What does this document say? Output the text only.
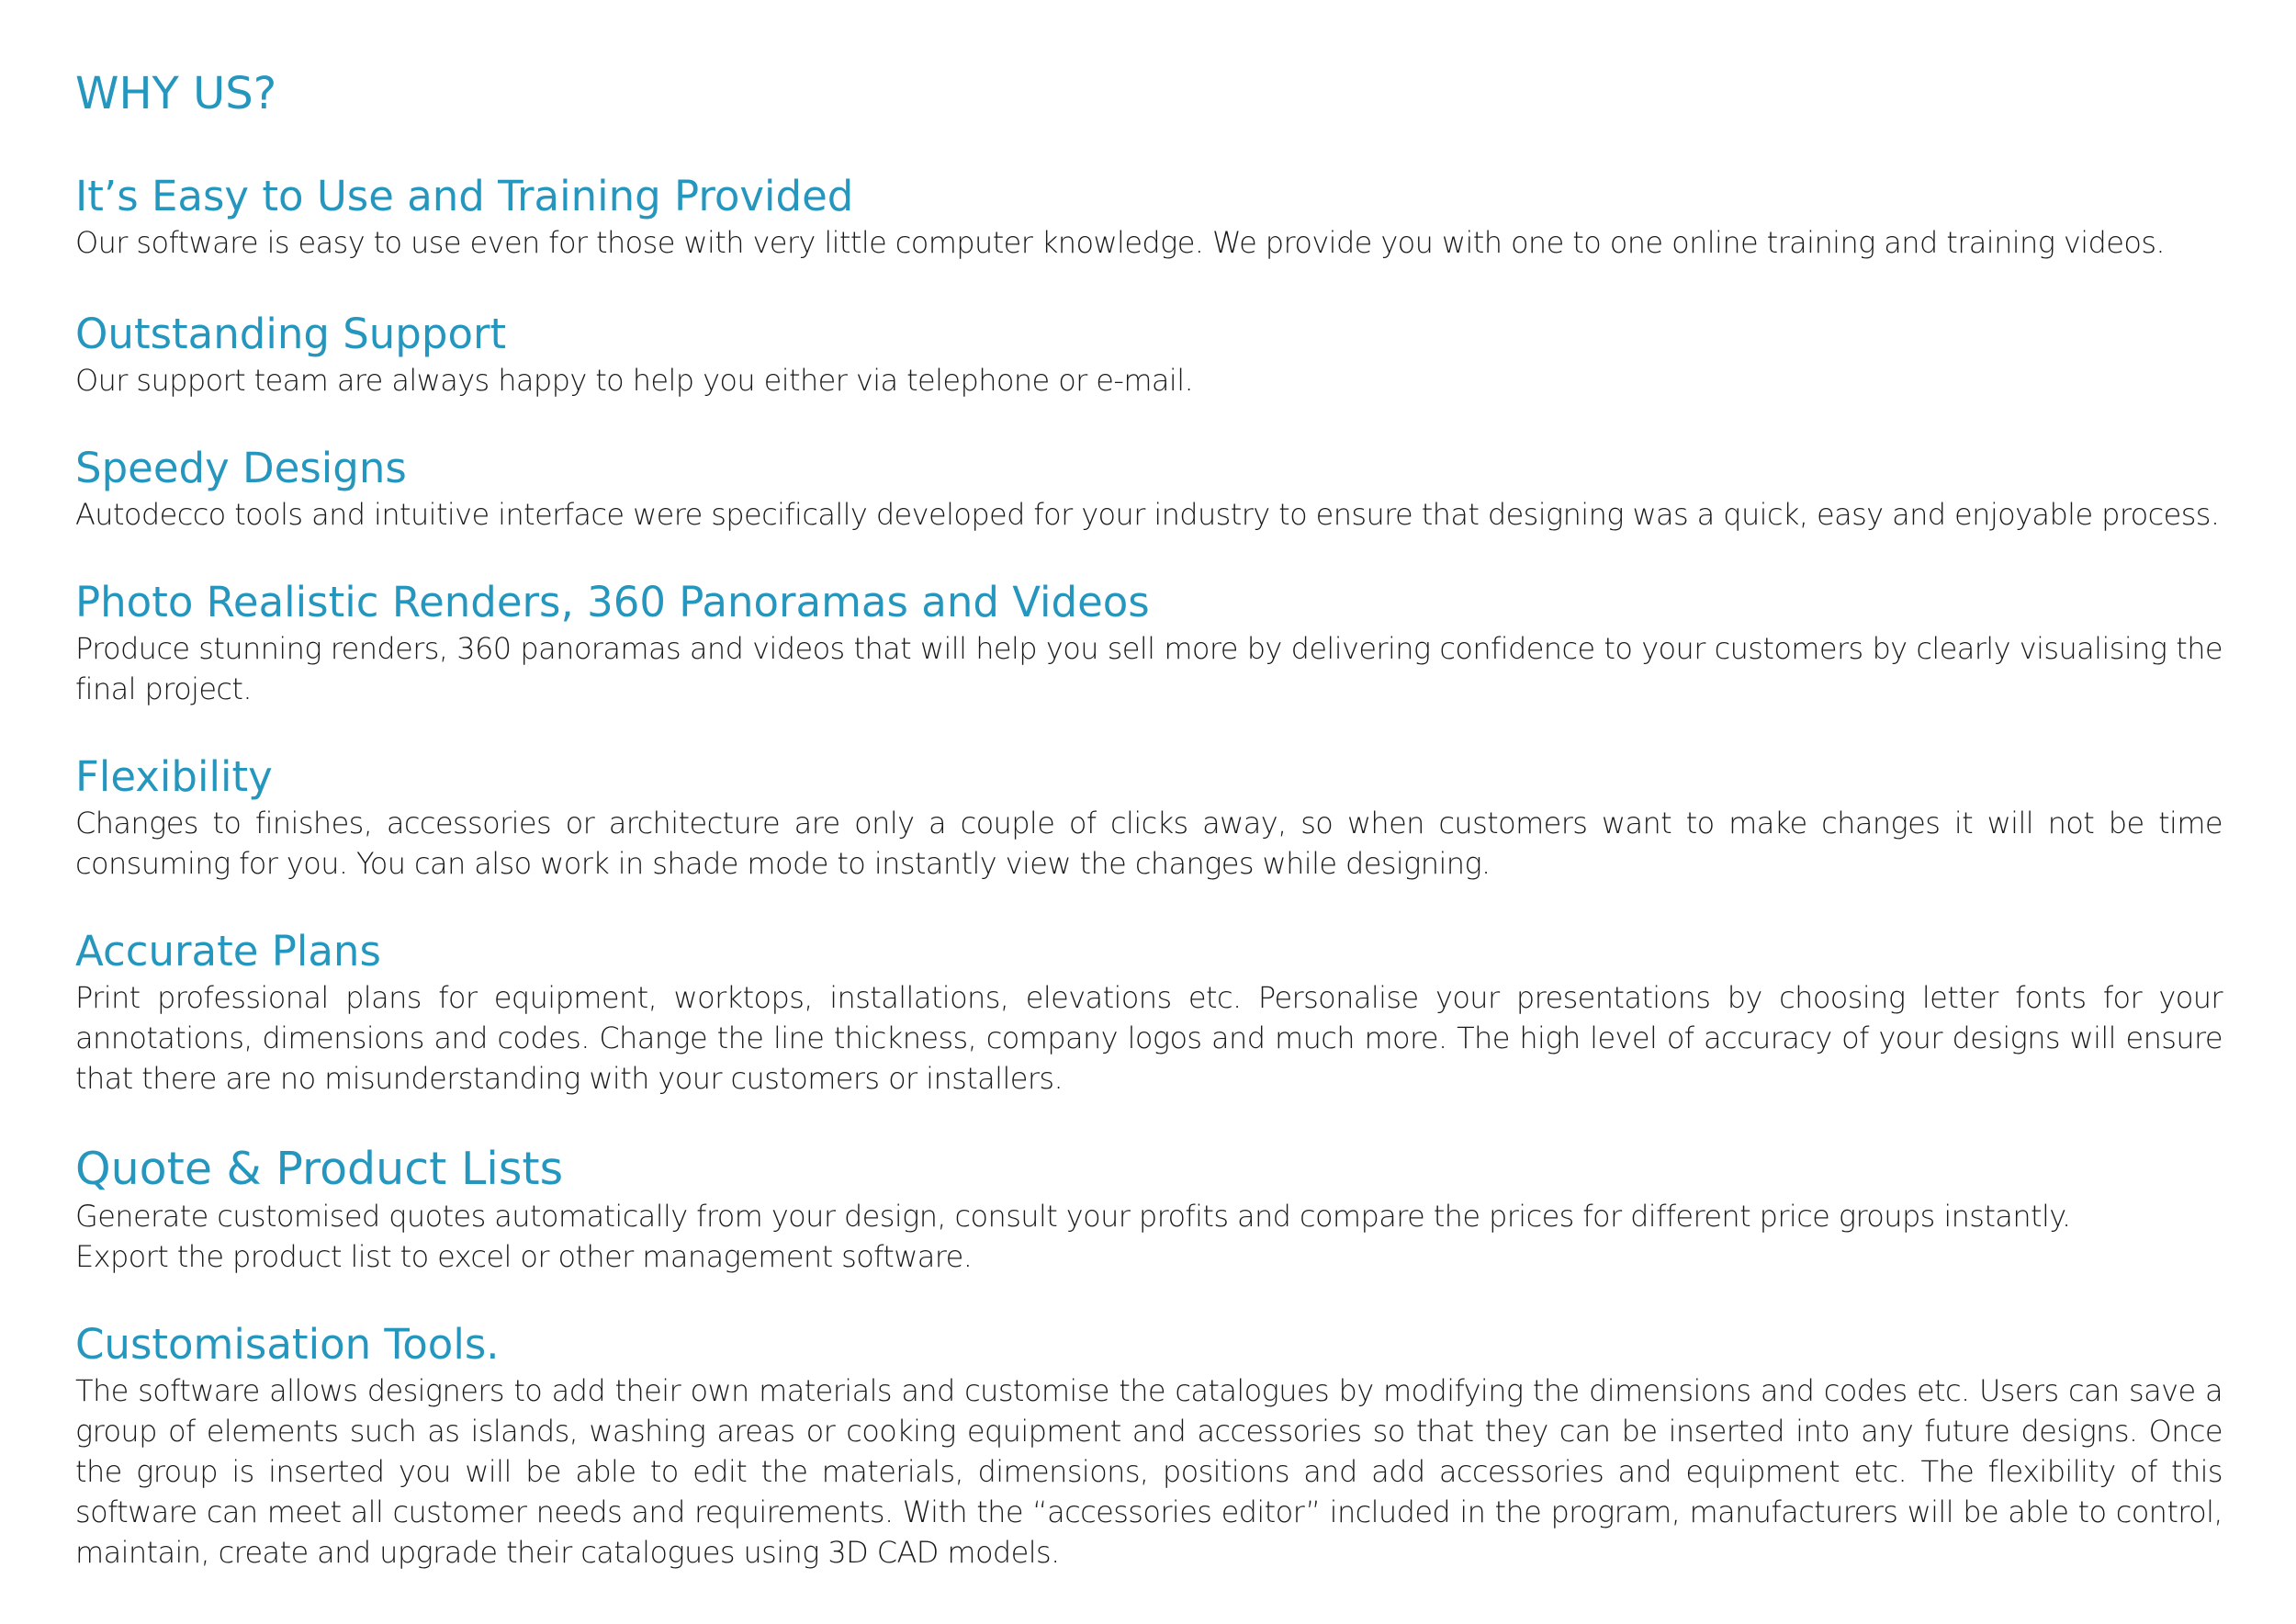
WHY US?
It’s Easy to Use and Training Provided

Our software is easy to use even for those with very little computer knowledge. We provide you with one to one online training and training videos.

Outstanding Support

Our support team are always happy to help you either via telephone or e-mail.

Speedy Designs

Autodecco tools and intuitive interface were specifically developed for your industry to ensure that designing was a quick, easy and enjoyable process.

Photo Realistic Renders, 360 Panoramas and Videos

Produce stunning renders, 360 panoramas and videos that will help you sell more by delivering confidence to your customers by clearly visualising the final project.

Flexibility

Changes to finishes, accessories or architecture are only a couple of clicks away, so when customers want to make changes it will not be time consuming for you. You can also work in shade mode to instantly view the changes while designing.

Accurate Plans

Print professional plans for equipment, worktops, installations, elevations etc. Personalise your presentations by choosing letter fonts for your annotations, dimensions and codes. Change the line thickness, company logos and much more. The high level of accuracy of your designs will ensure that there are no misunderstanding with your customers or installers.

Quote & Product Lists

Generate customised quotes automatically from your design, consult your profits and compare the prices for different price groups instantly.

Export the product list to excel or other management software.

Customisation Tools.

The software allows designers to add their own materials and customise the catalogues by modifying the dimensions and codes etc. Users can save a group of elements such as islands, washing areas or cooking equipment and accessories so that they can be inserted into any future designs. Once the group is inserted you will be able to edit the materials, dimensions, positions and add accessories and equipment etc. The flexibility of this software can meet all customer needs and requirements. With the “accessories editor” included in the program, manufacturers will be able to control, maintain, create and upgrade their catalogues using 3D CAD models.
